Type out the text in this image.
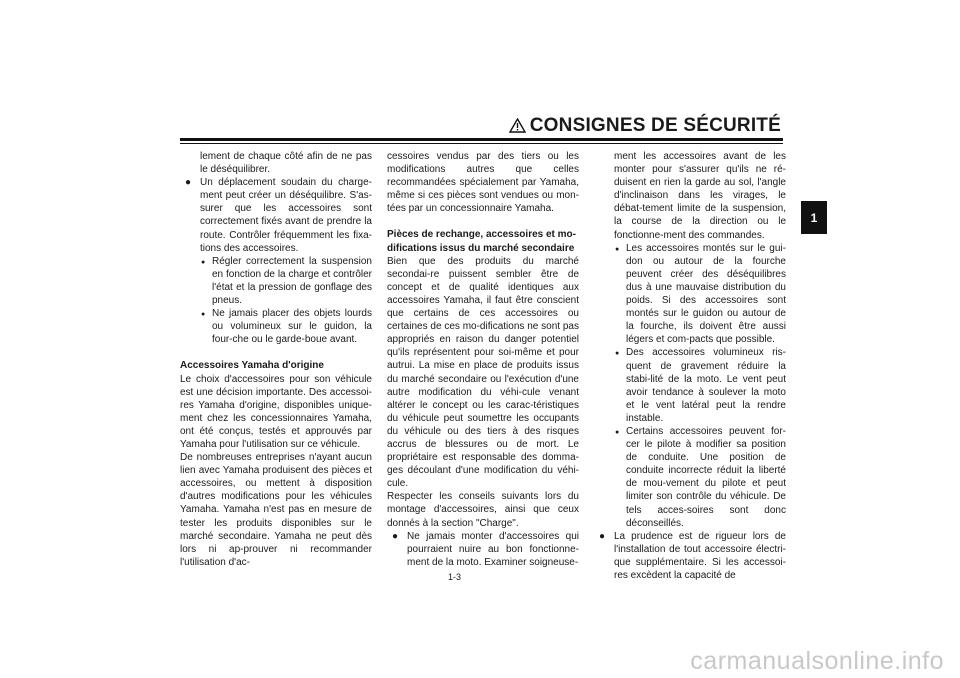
CONSIGNES DE SÉCURITÉ
1

lement de chaque côté afin de ne pas le déséquilibrer.

● Un déplacement soudain du charge-ment peut créer un déséquilibre. S'as-surer que les accessoires sont correctement fixés avant de prendre la route. Contrôler fréquemment les fixa-tions des accessoires.
● Régler correctement la suspension en fonction de la charge et contrôler l'état et la pression de gonflage des pneus.
● Ne jamais placer des objets lourds ou volumineux sur le guidon, la four-che ou le garde-boue avant.
Accessoires Yamaha d'origine

Le choix d'accessoires pour son véhicule est une décision importante. Des accessoi-res Yamaha d'origine, disponibles unique-ment chez les concessionnaires Yamaha, ont été conçus, testés et approuvés par Yamaha pour l'utilisation sur ce véhicule.

De nombreuses entreprises n'ayant aucun lien avec Yamaha produisent des pièces et accessoires, ou mettent à disposition d'autres modifications pour les véhicules Yamaha. Yamaha n'est pas en mesure de tester les produits disponibles sur le marché secondaire. Yamaha ne peut dès lors ni ap-prouver ni recommander l'utilisation d'ac-

cessoires vendus par des tiers ou les modifications autres que celles recommandées spécialement par Yamaha, même si ces pièces sont vendues ou mon-tées par un concessionnaire Yamaha.

Pièces de rechange, accessoires et mo-difications issus du marché secondaire

Bien que des produits du marché secondai-re puissent sembler être de concept et de qualité identiques aux accessoires Yamaha, il faut être conscient que certains de ces accessoires ou certaines de ces mo-difications ne sont pas appropriés en raison du danger potentiel qu'ils représentent pour soi-même et pour autrui. La mise en place de produits issus du marché secondaire ou l'exécution d'une autre modification du véhi-cule venant altérer le concept ou les carac-téristiques du véhicule peut soumettre les occupants du véhicule ou des tiers à des risques accrus de blessures ou de mort. Le propriétaire est responsable des domma-ges découlant d'une modification du véhi-cule.

Respecter les conseils suivants lors du montage d'accessoires, ainsi que ceux donnés à la section "Charge".

● Ne jamais monter d'accessoires qui pourraient nuire au bon fonctionne-ment de la moto. Examiner soigneuse-

ment les accessoires avant de les monter pour s'assurer qu'ils ne ré-duisent en rien la garde au sol, l'angle d'inclinaison dans les virages, le débat-tement limite de la suspension, la course de la direction ou le fonctionne-ment des commandes.

● Les accessoires montés sur le gui-don ou autour de la fourche peuvent créer des déséquilibres dus à une mauvaise distribution du poids. Si des accessoires sont montés sur le guidon ou autour de la fourche, ils doivent être aussi légers et com-pacts que possible.
● Des accessoires volumineux ris-quent de gravement réduire la stabi-lité de la moto. Le vent peut avoir tendance à soulever la moto et le vent latéral peut la rendre instable.
● Certains accessoires peuvent for-cer le pilote à modifier sa position de conduite. Une position de conduite incorrecte réduit la liberté de mou-vement du pilote et peut limiter son contrôle du véhicule. De tels acces-soires sont donc déconseillés.
● La prudence est de rigueur lors de l'installation de tout accessoire électri-que supplémentaire. Si les accessoi-res excèdent la capacité de
1-3
carmanualsonline.info
